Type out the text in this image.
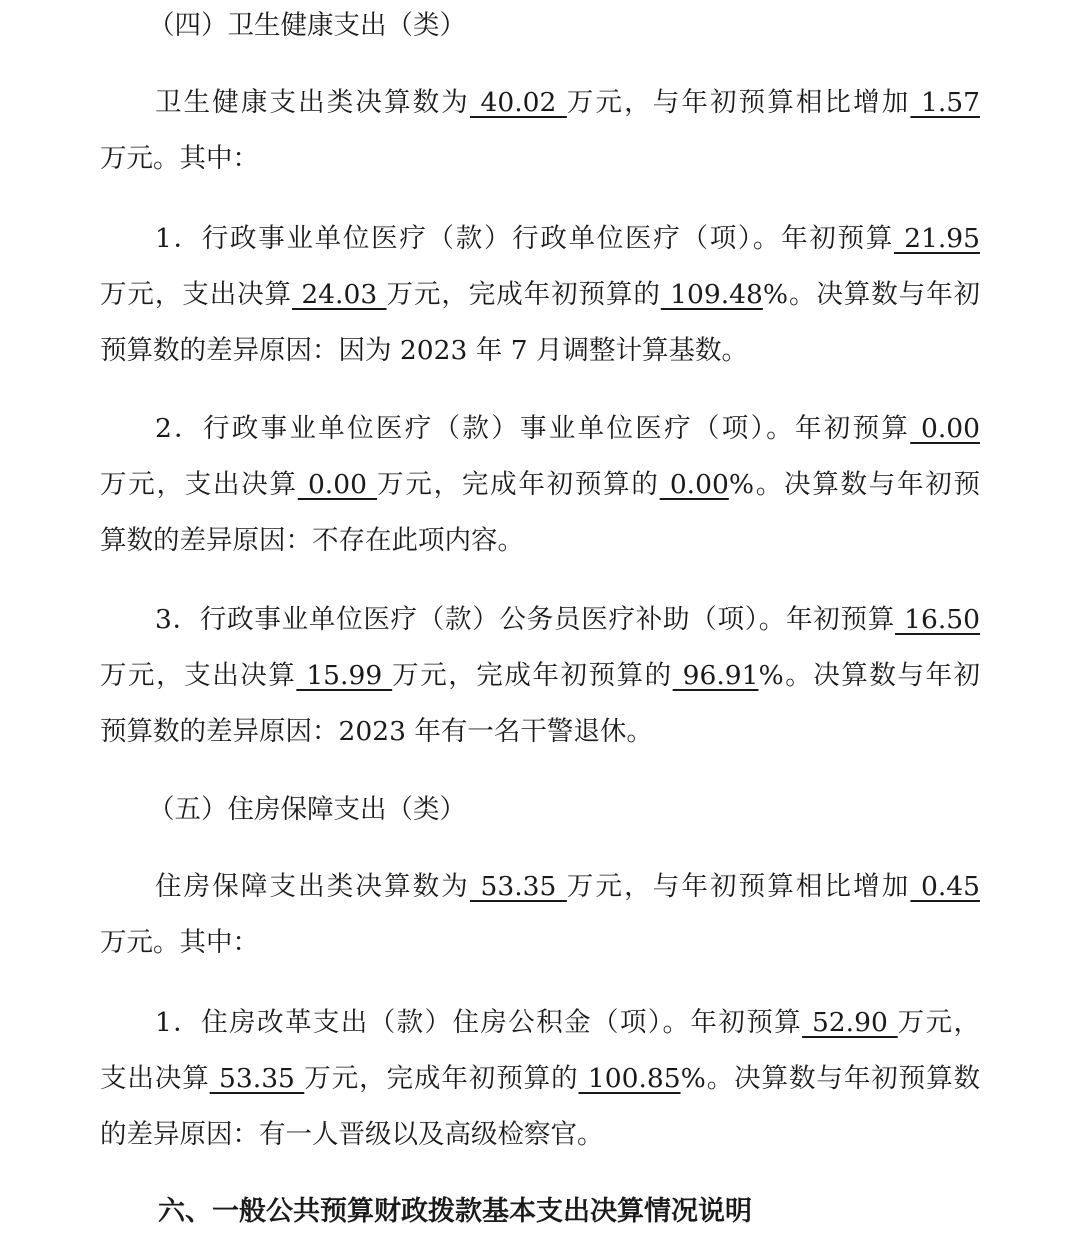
（四）卫生健康支出（类）
卫生健康支出类决算数为 40.02 万元，与年初预算相比增加 1.57
万元。其中：
1．行政事业单位医疗（款）行政单位医疗（项）。年初预算 21.95
万元，支出决算 24.03 万元，完成年初预算的 109.48%。决算数与年初
预算数的差异原因：因为 2023 年 7 月调整计算基数。
2．行政事业单位医疗（款）事业单位医疗（项）。年初预算 0.00
万元，支出决算 0.00 万元，完成年初预算的 0.00%。决算数与年初预
算数的差异原因：不存在此项内容。
3．行政事业单位医疗（款）公务员医疗补助（项）。年初预算 16.50
万元，支出决算 15.99 万元，完成年初预算的 96.91%。决算数与年初
预算数的差异原因：2023 年有一名干警退休。
（五）住房保障支出（类）
住房保障支出类决算数为 53.35 万元，与年初预算相比增加 0.45
万元。其中：
1．住房改革支出（款）住房公积金（项）。年初预算 52.90 万元，
支出决算 53.35 万元，完成年初预算的 100.85%。决算数与年初预算数
的差异原因：有一人晋级以及高级检察官。
六、一般公共预算财政拨款基本支出决算情况说明
